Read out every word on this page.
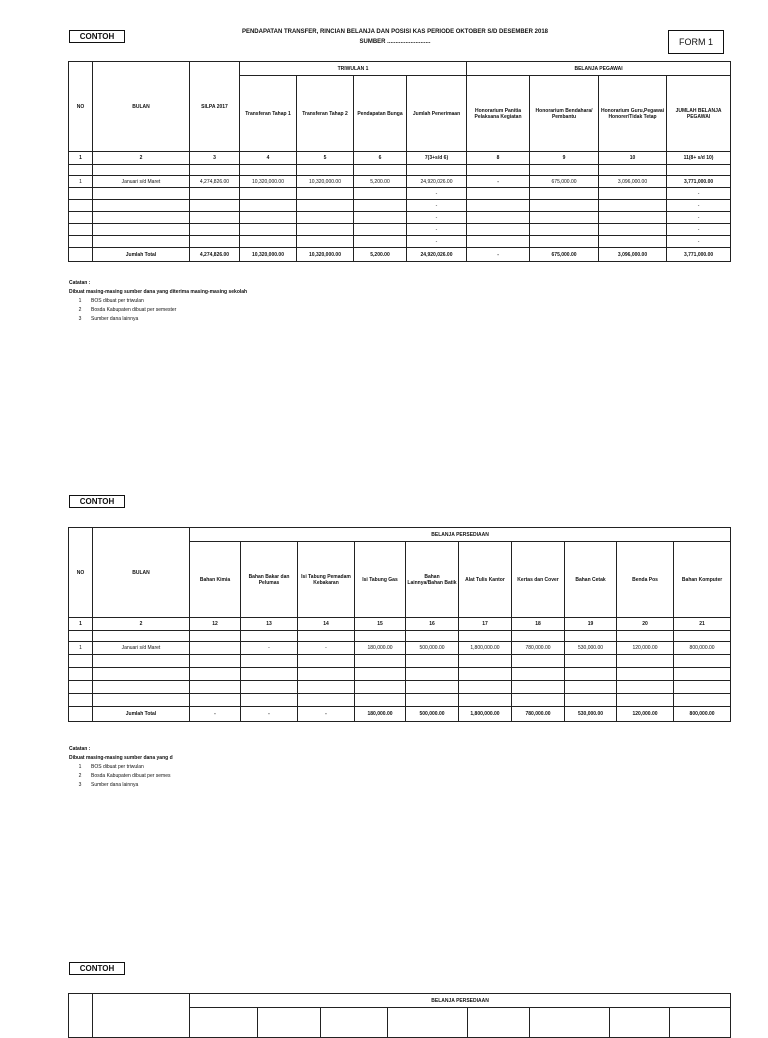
CONTOH	PENDAPATAN TRANSFER, RINCIAN BELANJA DAN POSISI KAS PERIODE OKTOBER S/D DESEMBER 2018
SUMBER ..........................	FORM 1
NO	BULAN	SILPA 2017	TRIWULAN 1				BELANJA PEGAWAI			
			Transferan Tahap 1	Transferan Tahap 2	Pendapatan Bunga	Jumlah Penerimaan	Honorarium Panitia Pelaksana Kegiatan	Honorarium Bendahara/ Pembantu	Honorarium Guru,Pegawai Honorer/Tidak Tetap	JUMLAH BELANJA PEGAWAI
1	2	3	4	5	6	7(3+s/d 6)	8	9	10	11(8+ s/d 10)

1	Januari s/d Maret	4,274,826.00	10,320,000.00	10,320,000.00	5,200.00	24,920,026.00	-	675,000.00	3,096,000.00	3,771,000.00
						-				-
						-				-
						-				-
						-				-
						-				-
	Jumlah Total	4,274,826.00	10,320,000.00	10,320,000.00	5,200.00	24,920,026.00	-	675,000.00	3,096,000.00	3,771,000.00
Catatan :
Dibuat masing-masing sumber dana yang diterima masing-masing sekolah
1 BOS dibuat per triwulan
2 Bosda Kabupaten dibuat per semester
3 Sumber dana lainnya
CONTOH
NO	BULAN	BELANJA PERSEDIAAN									
		Bahan Kimia	Bahan Bakar dan Pelumas	Isi Tabung Pemadam Kebakaran	Isi Tabung Gas	Bahan Lainnya/Bahan Batik	Alat Tulis Kantor	Kertas dan Cover	Bahan Cetak	Benda Pos	Bahan Komputer
1	2	12	13	14	15	16	17	18	19	20	21

1	Januari s/d Maret		-	-	180,000.00	500,000.00	1,800,000.00	780,000.00	530,000.00	120,000.00	800,000.00

	Jumlah Total	-	-	-	180,000.00	500,000.00	1,800,000.00	780,000.00	530,000.00	120,000.00	800,000.00
Catatan :
Dibuat masing-masing sumber dana yang d
1 BOS dibuat per triwulan
2 Bosda Kabupaten dibuat per semes
3 Sumber dana lainnya
CONTOH
		BELANJA PERSEDIAAN							
